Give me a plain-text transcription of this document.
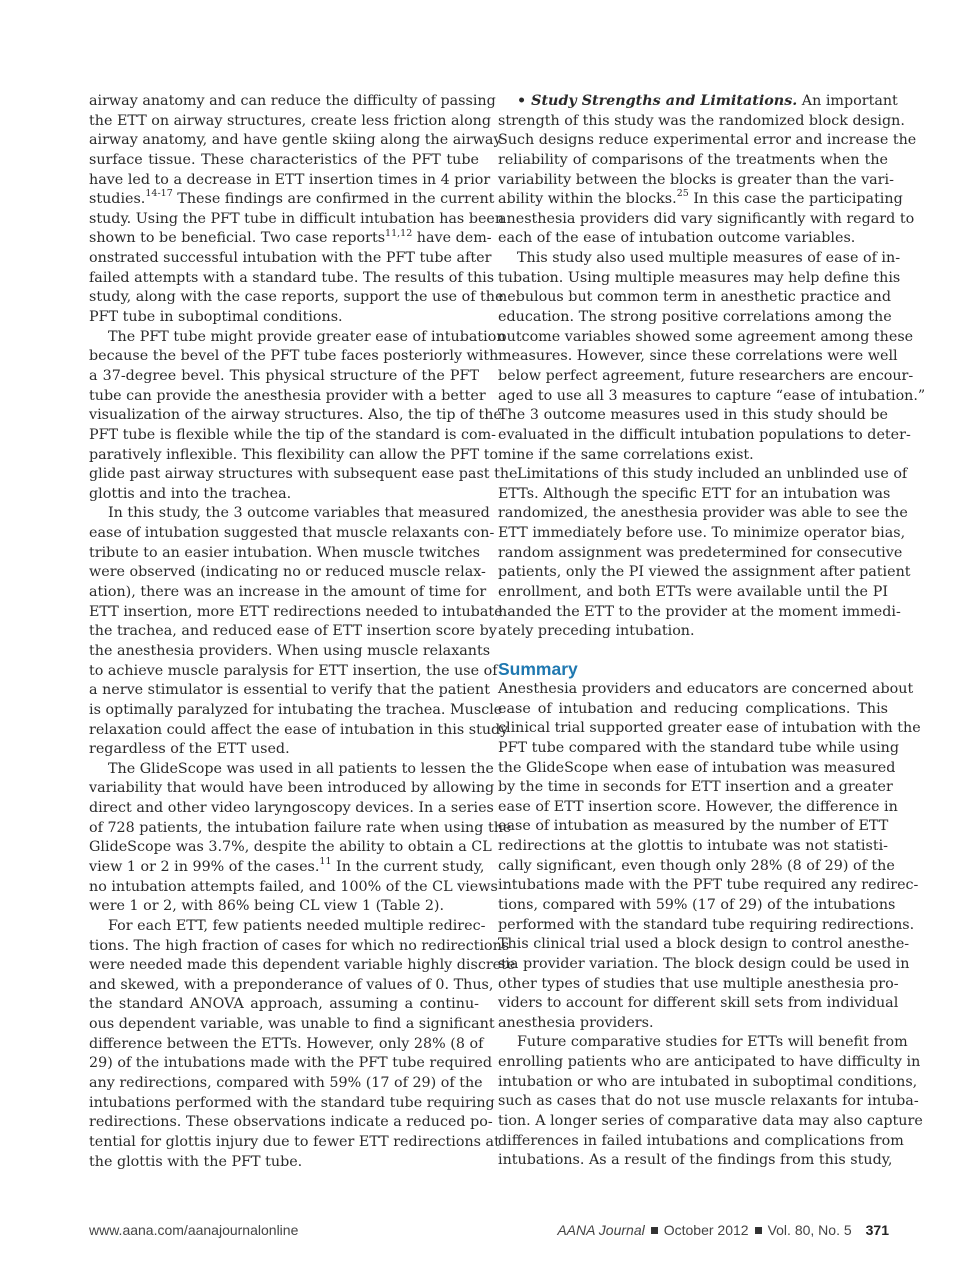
airway anatomy and can reduce the difficulty of passing
the ETT on airway structures, create less friction along
airway anatomy, and have gentle skiing along the airway
surface tissue. These characteristics of the PFT tube
have led to a decrease in ETT insertion times in 4 prior
studies.$^{14-17}$ These findings are confirmed in the current
study. Using the PFT tube in difficult intubation has been
shown to be beneficial. Two case reports$^{11,12}$ have dem-
onstrated successful intubation with the PFT tube after
failed attempts with a standard tube. The results of this
study, along with the case reports, support the use of the
PFT tube in suboptimal conditions.
The PFT tube might provide greater ease of intubation
because the bevel of the PFT tube faces posteriorly with
a 37-degree bevel. This physical structure of the PFT
tube can provide the anesthesia provider with a better
visualization of the airway structures. Also, the tip of the
PFT tube is flexible while the tip of the standard is com-
paratively inflexible. This flexibility can allow the PFT to
glide past airway structures with subsequent ease past the
glottis and into the trachea.
In this study, the 3 outcome variables that measured
ease of intubation suggested that muscle relaxants con-
tribute to an easier intubation. When muscle twitches
were observed (indicating no or reduced muscle relax-
ation), there was an increase in the amount of time for
ETT insertion, more ETT redirections needed to intubate
the trachea, and reduced ease of ETT insertion score by
the anesthesia providers. When using muscle relaxants
to achieve muscle paralysis for ETT insertion, the use of
a nerve stimulator is essential to verify that the patient
is optimally paralyzed for intubating the trachea. Muscle
relaxation could affect the ease of intubation in this study
regardless of the ETT used.
The GlideScope was used in all patients to lessen the
variability that would have been introduced by allowing
direct and other video laryngoscopy devices. In a series
of 728 patients, the intubation failure rate when using the
GlideScope was 3.7%, despite the ability to obtain a CL
view 1 or 2 in 99% of the cases.$^{11}$ In the current study,
no intubation attempts failed, and 100% of the CL views
were 1 or 2, with 86% being CL view 1 (Table 2).
For each ETT, few patients needed multiple redirec-
tions. The high fraction of cases for which no redirections
were needed made this dependent variable highly discrete
and skewed, with a preponderance of values of 0. Thus,
the standard ANOVA approach, assuming a continu-
ous dependent variable, was unable to find a significant
difference between the ETTs. However, only 28% (8 of
29) of the intubations made with the PFT tube required
any redirections, compared with 59% (17 of 29) of the
intubations performed with the standard tube requiring
redirections. These observations indicate a reduced po-
tential for glottis injury due to fewer ETT redirections at
the glottis with the PFT tube.
• Study Strengths and Limitations. An important
strength of this study was the randomized block design.
Such designs reduce experimental error and increase the
reliability of comparisons of the treatments when the
variability between the blocks is greater than the vari-
ability within the blocks.$^{25}$ In this case the participating
anesthesia providers did vary significantly with regard to
each of the ease of intubation outcome variables.
This study also used multiple measures of ease of in-
tubation. Using multiple measures may help define this
nebulous but common term in anesthetic practice and
education. The strong positive correlations among the
outcome variables showed some agreement among these
measures. However, since these correlations were well
below perfect agreement, future researchers are encour-
aged to use all 3 measures to capture “ease of intubation.”
The 3 outcome measures used in this study should be
evaluated in the difficult intubation populations to deter-
mine if the same correlations exist.
Limitations of this study included an unblinded use of
ETTs. Although the specific ETT for an intubation was
randomized, the anesthesia provider was able to see the
ETT immediately before use. To minimize operator bias,
random assignment was predetermined for consecutive
patients, only the PI viewed the assignment after patient
enrollment, and both ETTs were available until the PI
handed the ETT to the provider at the moment immedi-
ately preceding intubation.
Summary
Anesthesia providers and educators are concerned about
ease of intubation and reducing complications. This
clinical trial supported greater ease of intubation with the
PFT tube compared with the standard tube while using
the GlideScope when ease of intubation was measured
by the time in seconds for ETT insertion and a greater
ease of ETT insertion score. However, the difference in
ease of intubation as measured by the number of ETT
redirections at the glottis to intubate was not statisti-
cally significant, even though only 28% (8 of 29) of the
intubations made with the PFT tube required any redirec-
tions, compared with 59% (17 of 29) of the intubations
performed with the standard tube requiring redirections.
This clinical trial used a block design to control anesthe-
sia provider variation. The block design could be used in
other types of studies that use multiple anesthesia pro-
viders to account for different skill sets from individual
anesthesia providers.
Future comparative studies for ETTs will benefit from
enrolling patients who are anticipated to have difficulty in
intubation or who are intubated in suboptimal conditions,
such as cases that do not use muscle relaxants for intuba-
tion. A longer series of comparative data may also capture
differences in failed intubations and complications from
intubations. As a result of the findings from this study,
www.aana.com/aanajournalonline	AANA Journal October 2012 Vol. 80, No. 5 371
